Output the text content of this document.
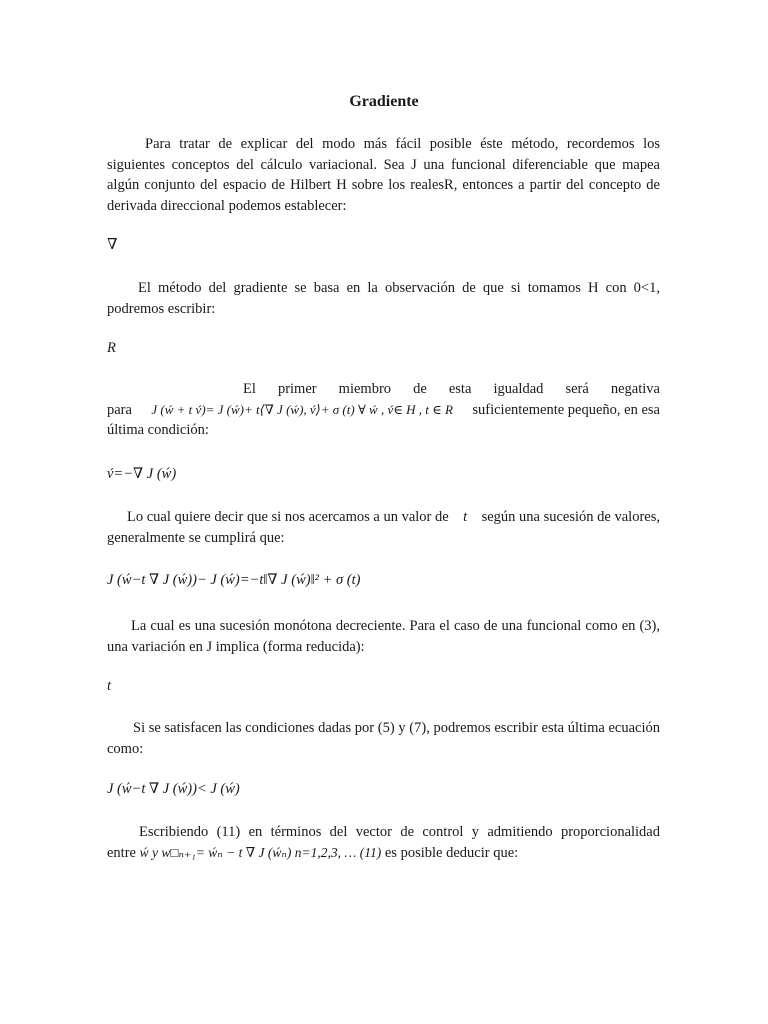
Gradiente
Para tratar de explicar del modo más fácil posible éste método, recordemos los siguientes conceptos del cálculo variacional. Sea J una funcional diferenciable que mapea algún conjunto del espacio de Hilbert H sobre los realesR, entonces a partir del concepto de derivada direccional podemos establecer:
∇
El método del gradiente se basa en la observación de que si tomamos H con 0<1, podremos escribir:
R
El primer miembro de esta igualdad será negativa
para J (ẃ + t v́)= J (ẃ)+ t⟨∇ J (ẃ), v́⟩+ σ (t) ∀ ẃ , v́∈ H , t ∈ R suficientemente pequeño, en esa
última condición:
v́=−∇ J (ẃ)
Lo cual quiere decir que si nos acercamos a un valor de t según una sucesión de valores,
generalmente se cumplirá que:
J (ẃ−t ∇ J (ẃ))− J (ẃ)=−t‖∇ J (ẃ)‖² + σ (t)
La cual es una sucesión monótona decreciente. Para el caso de una funcional como en (3), una variación en J implica (forma reducida):
t
Si se satisfacen las condiciones dadas por (5) y (7), podremos escribir esta última ecuación como:
J (ẃ−t ∇ J (ẃ))< J (ẃ)
Escribiendo (11) en términos del vector de control y admitiendo proporcionalidad
entre ẃ y w□ₙ₊₁= ẃₙ − t ∇ J (ẃₙ) n=1,2,3, … (11) es posible deducir que:
